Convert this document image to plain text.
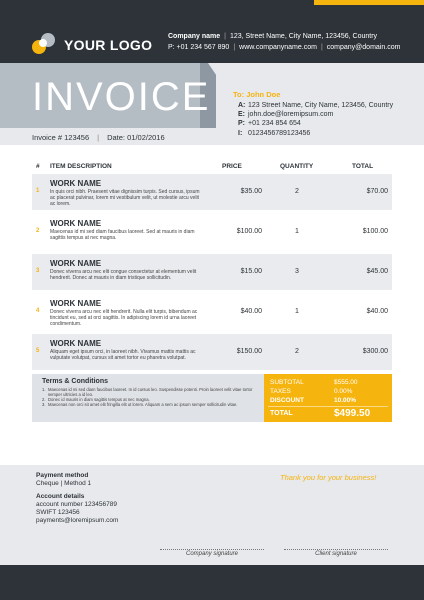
YOUR LOGO
Company name | 123, Street Name, City Name, 123456, Country
P: +01 234 567 890 | www.companyname.com | company@domain.com
INVOICE
Invoice # 123456 | Date: 01/02/2016
To: John Doe
A: 123 Street Name, City Name, 123456, Country
E: john.doe@loremipsum.com
P: +01 234 854 654
I: 0123456789123456
# ITEM DESCRIPTION	PRICE	QUANTITY	TOTAL
1
WORK NAME
In quis orci nibh. Praesent vitae dignissim turpis. Sed cursus, ipsum ac placerat pulvinar, lorem mi vestibulum velit, ut molestie arcu velit ac lorem.
$35.00	2	$70.00
2
WORK NAME
Maecenas id mi sed diam faucibus laoreet. Sed at mauris in diam sagittis tempus at nec magna.
$100.00	1	$100.00
3
WORK NAME
Donec viverra arcu nec elit congue consectetur at elementum velit hendrerit. Donec at mauris in diam tristique sollicitudin.
$15.00	3	$45.00
4
WORK NAME
Donec viverra arcu nec elit hendrerit. Nulla elit turpis, bibendum ac tincidunt eu, sed at orci sagittis. In adipiscing lorem id urna laoreet condimentum.
$40.00	1	$40.00
5
WORK NAME
Aliquam eget ipsum orci, in laoreet nibh. Vivamus mattis mattis ac vulputate volutpat, cursus sit amet tortor eu pharetra volutpat.
$150.00	2	$300.00
Terms & Conditions
1. Maecenas id mi sed diam faucibus laoreet. In id cursus leo. Suspendisse potenti. Proin laoreet velit vitae tortor semper ultricies a id leo.
2. Donec id mauris in diam sagittis tempus at nec magna.
3. Maecenas non orci sit amet elit fringilla elit ut lorem. Aliquam a sem ac ipsum semper sollicitudin vitae.
SUBTOTAL	$555.00
TAXES	0.00%
DISCOUNT	10.00%
TOTAL	$499.50
Payment method
Cheque | Method 1
Account details
account number 123456789
SWIFT 123456
payments@loremipsum.com
Thank you for your business!
Company signature	Client signature
